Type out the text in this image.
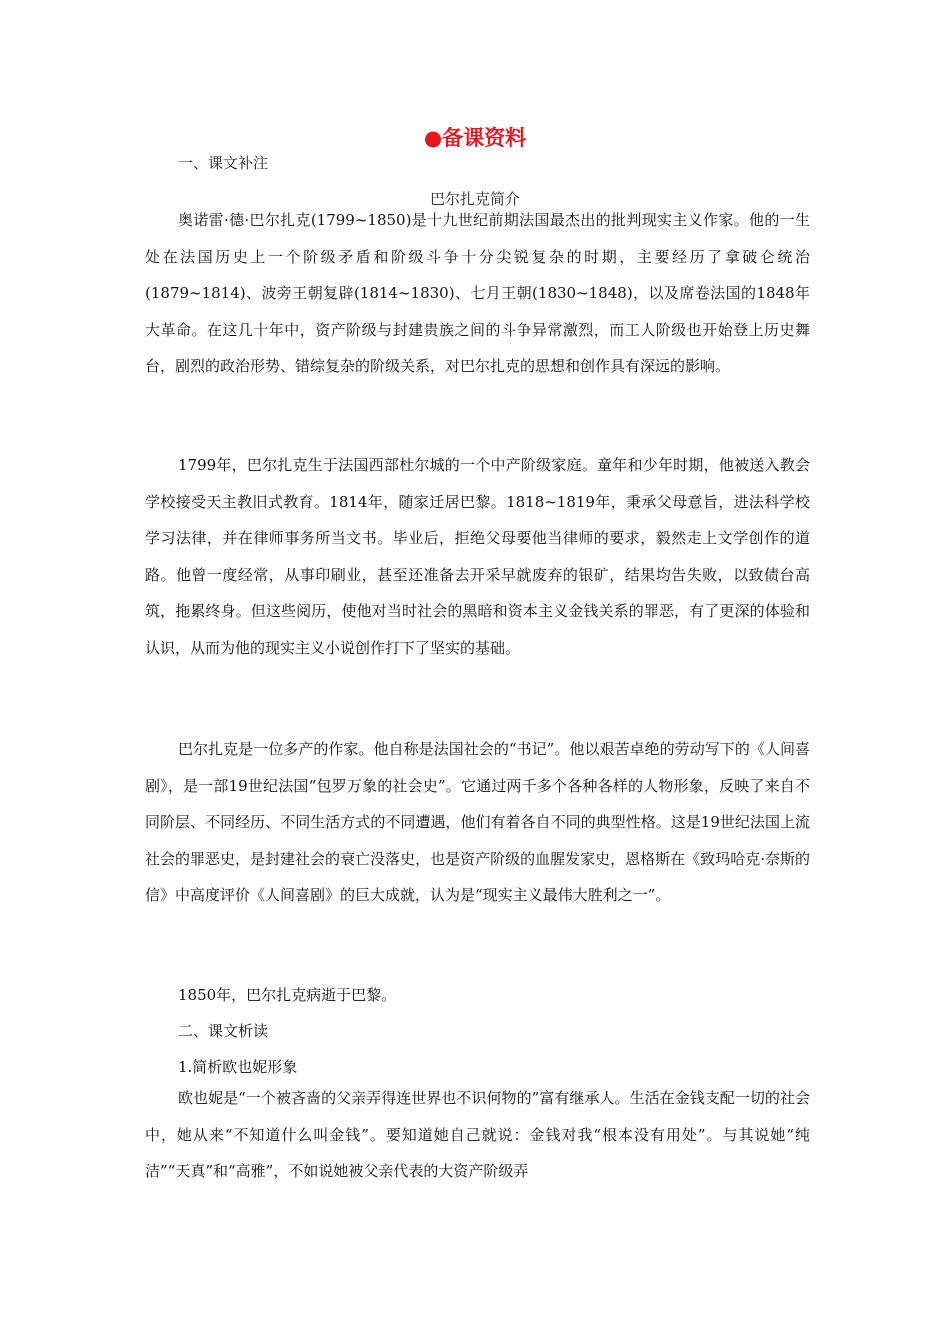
●备课资料
一、课文补注
巴尔扎克简介

奥诺雷·德·巴尔扎克(1799~1850)是十九世纪前期法国最杰出的批判现实主义作家。他的一生处在法国历史上一个阶级矛盾和阶级斗争十分尖锐复杂的时期，主要经历了拿破仑统治(1879~1814)、波旁王朝复辟(1814~1830)、七月王朝(1830~1848)，以及席卷法国的1848年大革命。在这几十年中，资产阶级与封建贵族之间的斗争异常激烈，而工人阶级也开始登上历史舞台，剧烈的政治形势、错综复杂的阶级关系，对巴尔扎克的思想和创作具有深远的影响。

1799年，巴尔扎克生于法国西部杜尔城的一个中产阶级家庭。童年和少年时期，他被送入教会学校接受天主教旧式教育。1814年，随家迁居巴黎。1818~1819年，秉承父母意旨，进法科学校学习法律，并在律师事务所当文书。毕业后，拒绝父母要他当律师的要求，毅然走上文学创作的道路。他曾一度经常，从事印刷业，甚至还准备去开采早就废弃的银矿，结果均告失败，以致债台高筑，拖累终身。但这些阅历，使他对当时社会的黑暗和资本主义金钱关系的罪恶，有了更深的体验和认识，从而为他的现实主义小说创作打下了坚实的基础。

巴尔扎克是一位多产的作家。他自称是法国社会的“书记”。他以艰苦卓绝的劳动写下的《人间喜剧》，是一部19世纪法国“包罗万象的社会史”。它通过两千多个各种各样的人物形象，反映了来自不同阶层、不同经历、不同生活方式的不同遭遇，他们有着各自不同的典型性格。这是19世纪法国上流社会的罪恶史，是封建社会的衰亡没落史，也是资产阶级的血腥发家史，恩格斯在《致玛哈克·奈斯的信》中高度评价《人间喜剧》的巨大成就，认为是“现实主义最伟大胜利之一”。

1850年，巴尔扎克病逝于巴黎。
二、课文析读
1.简析欧也妮形象

欧也妮是“一个被吝啬的父亲弄得连世界也不识何物的”富有继承人。生活在金钱支配一切的社会中，她从来“不知道什么叫金钱”。要知道她自己就说：金钱对我“根本没有用处”。与其说她“纯洁”“天真”和“高雅”，不如说她被父亲代表的大资产阶级弄
